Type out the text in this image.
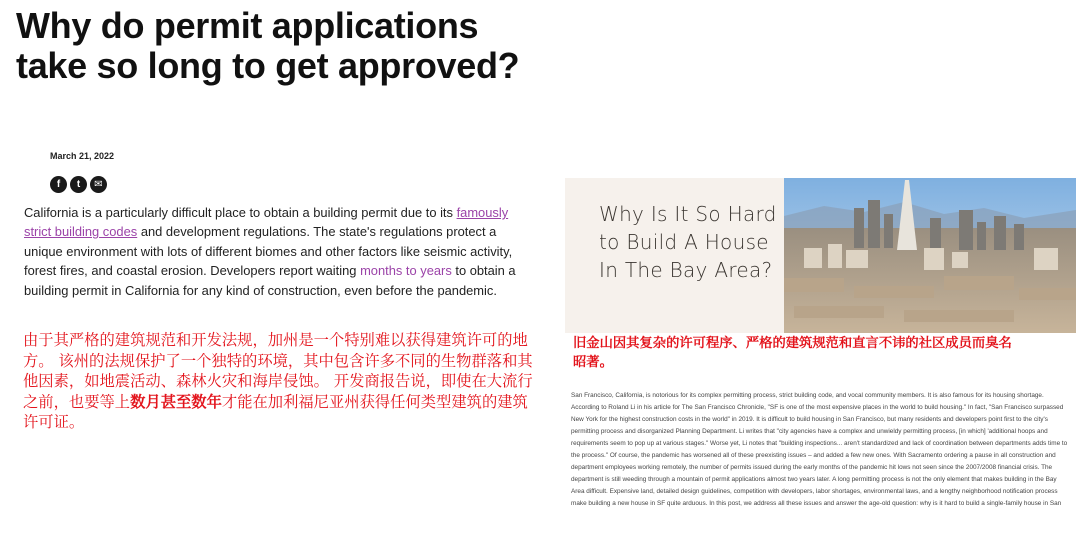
Why do permit applications take so long to get approved?
March 21, 2022
f	t	✉

California is a particularly difficult place to obtain a building permit due to its famously strict building codes and development regulations. The state's regulations protect a unique environment with lots of different biomes and other factors like seismic activity, forest fires, and coastal erosion. Developers report waiting months to years to obtain a building permit in California for any kind of construction, even before the pandemic.

由于其严格的建筑规范和开发法规，加州是一个特别难以获得建筑许可的地方。 该州的法规保护了一个独特的环境，其中包含许多不同的生物群落和其他因素，如地震活动、森林火灾和海岸侵蚀。 开发商报告说，即使在大流行之前，也要等上数月甚至数年才能在加利福尼亚州获得任何类型建筑的建筑许可证。

Why Is It So Hard to Build A House In The Bay Area?

旧金山因其复杂的许可程序、严格的建筑规范和直言不讳的社区成员而臭名昭著。

San Francisco, California, is notorious for its complex permitting process, strict building code, and vocal community members. It is also famous for its housing shortage. According to Roland Li in his article for The San Francisco Chronicle, "SF is one of the most expensive places in the world to build housing." In fact, "San Francisco surpassed New York for the highest construction costs in the world" in 2019. It is difficult to build housing in San Francisco, but many residents and developers point first to the city's permitting process and disorganized Planning Department. Li writes that "city agencies have a complex and unwieldy permitting process, [in which] 'additional hoops and requirements seem to pop up at various stages." Worse yet, Li notes that "building inspections... aren't standardized and lack of coordination between departments adds time to the process." Of course, the pandemic has worsened all of these preexisting issues – and added a few new ones. With Sacramento ordering a pause in all construction and department employees working remotely, the number of permits issued during the early months of the pandemic hit lows not seen since the 2007/2008 financial crisis. The department is still weeding through a mountain of permit applications almost two years later. A long permitting process is not the only element that makes building in the Bay Area difficult. Expensive land, detailed design guidelines, competition with developers, labor shortages, environmental laws, and a lengthy neighborhood notification process make building a new house in SF quite arduous. In this post, we address all these issues and answer the age-old question: why is it hard to build a single-family house in San
